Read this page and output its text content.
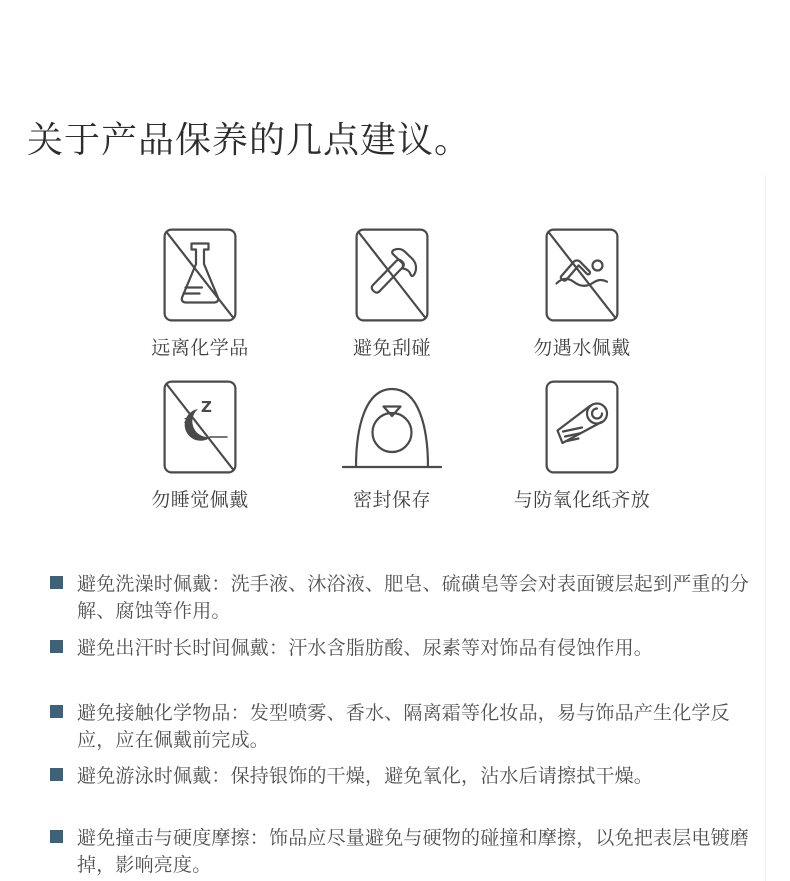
关于产品保养的几点建议。
远离化学品	避免刮碰	勿遇水佩戴
Z
z
勿睡觉佩戴	密封保存	与防氧化纸齐放
避免洗澡时佩戴：洗手液、沐浴液、肥皂、硫磺皂等会对表面镀层起到严重的分解、腐蚀等作用。
避免出汗时长时间佩戴：汗水含脂肪酸、尿素等对饰品有侵蚀作用。
避免接触化学物品：发型喷雾、香水、隔离霜等化妆品，易与饰品产生化学反应，应在佩戴前完成。
避免游泳时佩戴：保持银饰的干燥，避免氧化，沾水后请擦拭干燥。
避免撞击与硬度摩擦：饰品应尽量避免与硬物的碰撞和摩擦，以免把表层电镀磨掉，影响亮度。
